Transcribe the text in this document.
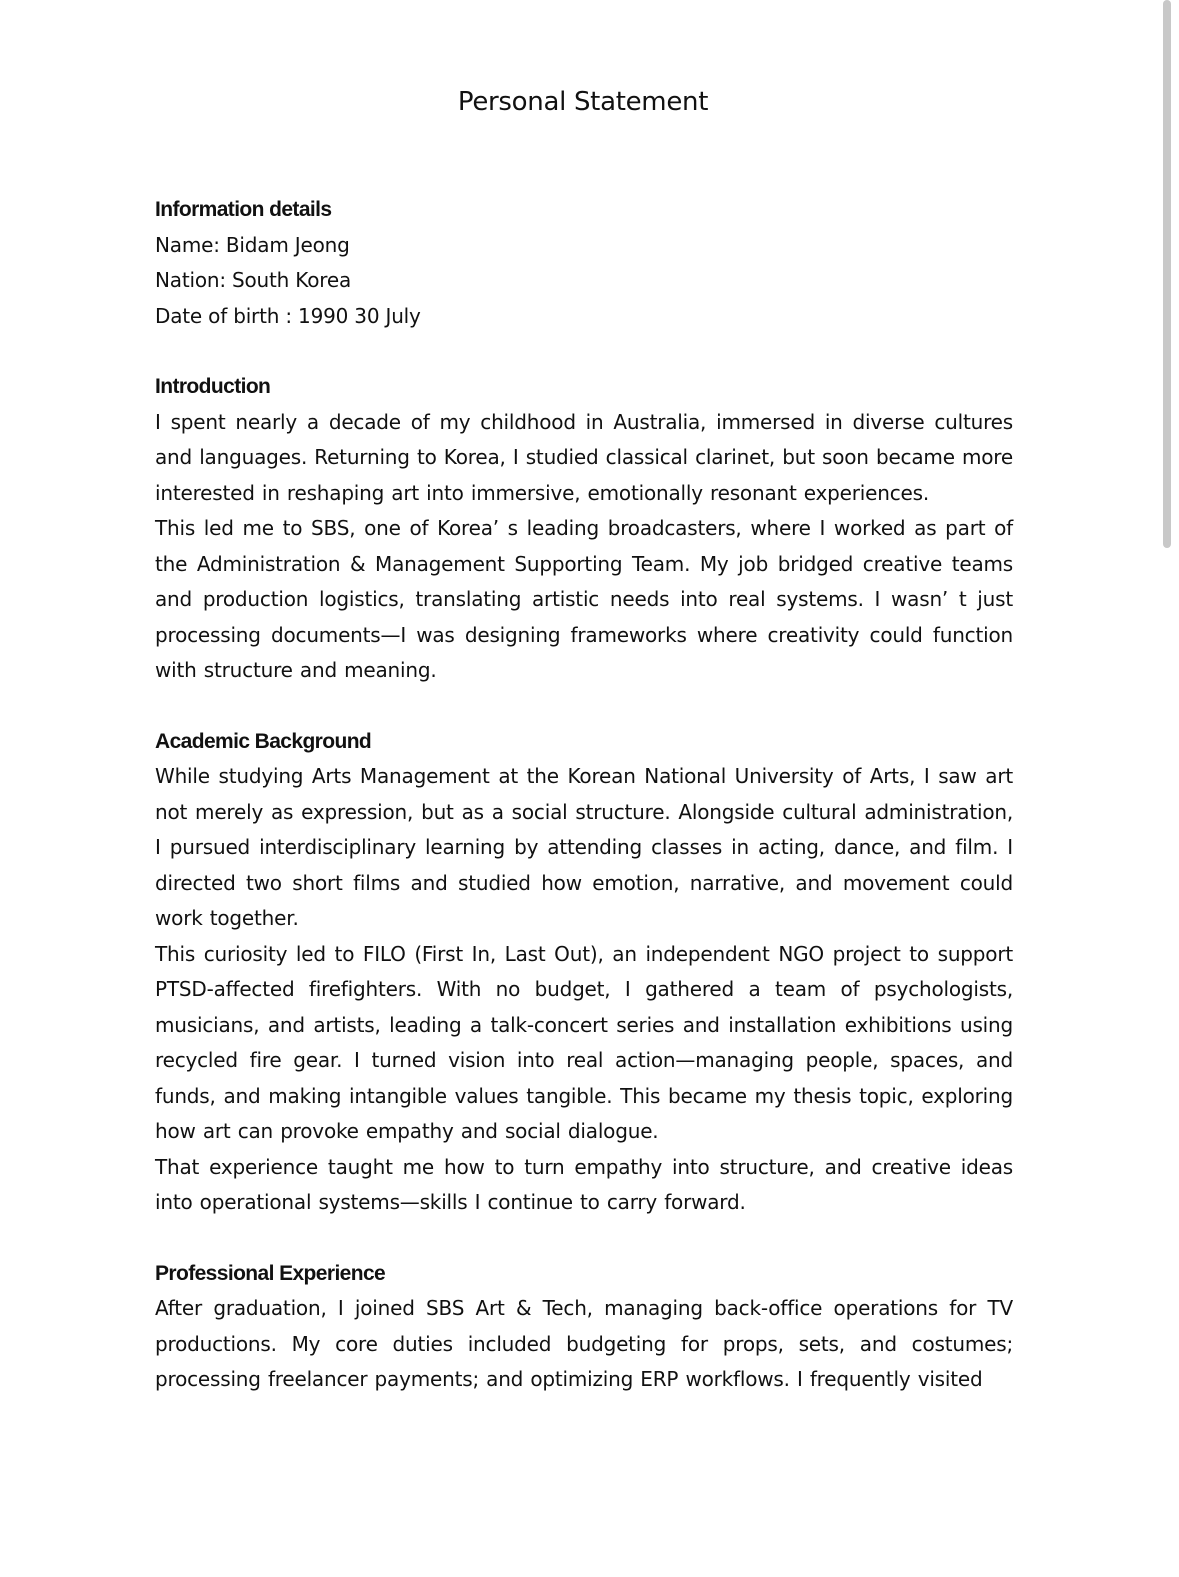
Personal Statement

Information details

Name: Bidam Jeong

Nation: South Korea

Date of birth : 1990 30 July

Introduction

I spent nearly a decade of my childhood in Australia, immersed in diverse cultures and languages. Returning to Korea, I studied classical clarinet, but soon became more interested in reshaping art into immersive, emotionally resonant experiences.

This led me to SBS, one of Korea’ s leading broadcasters, where I worked as part of the Administration & Management Supporting Team. My job bridged creative teams and production logistics, translating artistic needs into real systems. I wasn’ t just processing documents—I was designing frameworks where creativity could function with structure and meaning.

Academic Background

While studying Arts Management at the Korean National University of Arts, I saw art not merely as expression, but as a social structure. Alongside cultural administration, I pursued interdisciplinary learning by attending classes in acting, dance, and film. I directed two short films and studied how emotion, narrative, and movement could work together.

This curiosity led to FILO (First In, Last Out), an independent NGO project to support PTSD-affected firefighters. With no budget, I gathered a team of psychologists, musicians, and artists, leading a talk-concert series and installation exhibitions using recycled fire gear. I turned vision into real action—managing people, spaces, and funds, and making intangible values tangible. This became my thesis topic, exploring how art can provoke empathy and social dialogue.

That experience taught me how to turn empathy into structure, and creative ideas into operational systems—skills I continue to carry forward.

Professional Experience

After graduation, I joined SBS Art & Tech, managing back-office operations for TV productions. My core duties included budgeting for props, sets, and costumes; processing freelancer payments; and optimizing ERP workflows. I frequently visited
